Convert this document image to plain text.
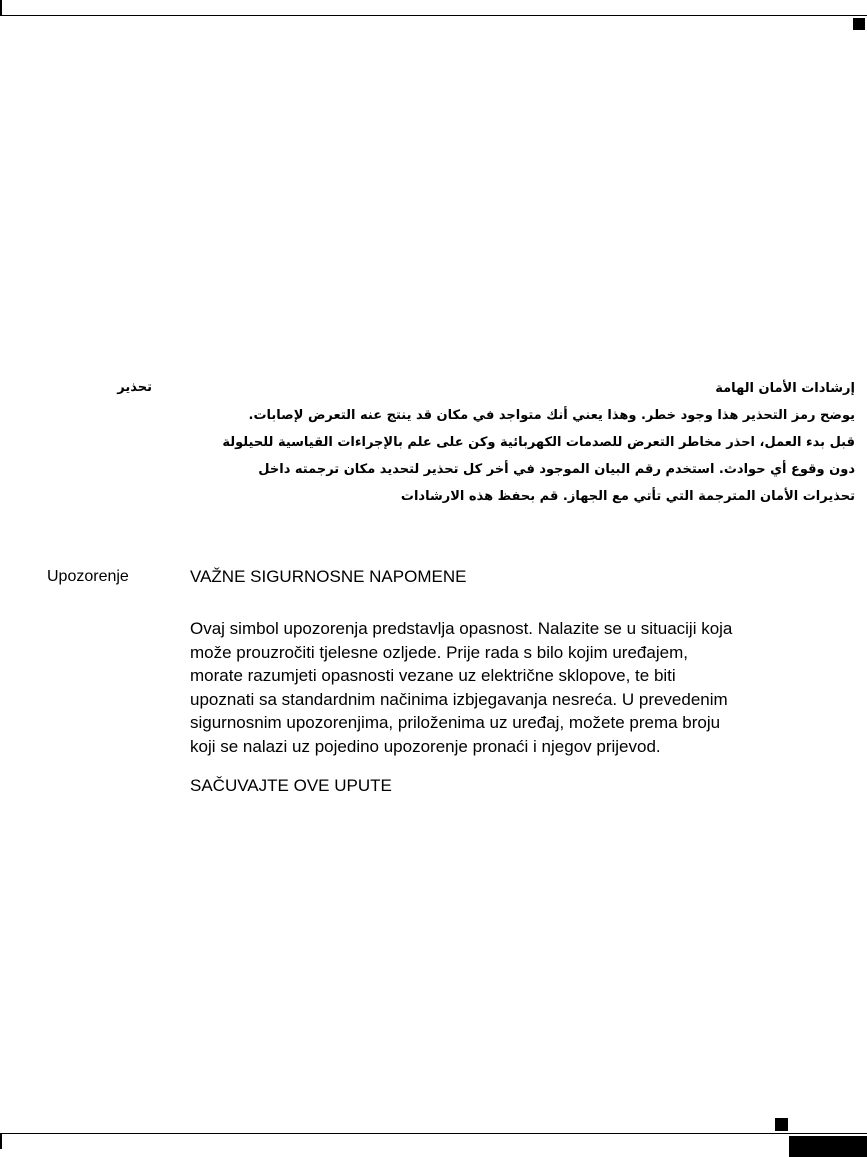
تحذير	إرشادات الأمان الهامة
يوضح رمز التحذير هذا وجود خطر. وهذا يعني أنك متواجد في مكان قد ينتج عنه التعرض لإصابات.
قبل بدء العمل، احذر مخاطر التعرض للصدمات الكهربائية وكن على علم بالإجراءات القياسية للحيلولة
دون وقوع أي حوادث. استخدم رقم البيان الموجود في أخر كل تحذير لتحديد مكان ترجمته داخل
تحذيرات الأمان المترجمة التي تأتي مع الجهاز. قم بحفظ هذه الارشادات
Upozorenje	VAŽNE SIGURNOSNE NAPOMENE
Ovaj simbol upozorenja predstavlja opasnost. Nalazite se u situaciji koja
može prouzročiti tjelesne ozljede. Prije rada s bilo kojim uređajem,
morate razumjeti opasnosti vezane uz električne sklopove, te biti
upoznati sa standardnim načinima izbjegavanja nesreća. U prevedenim
sigurnosnim upozorenjima, priloženima uz uređaj, možete prema broju
koji se nalazi uz pojedino upozorenje pronaći i njegov prijevod.
SAČUVAJTE OVE UPUTE
